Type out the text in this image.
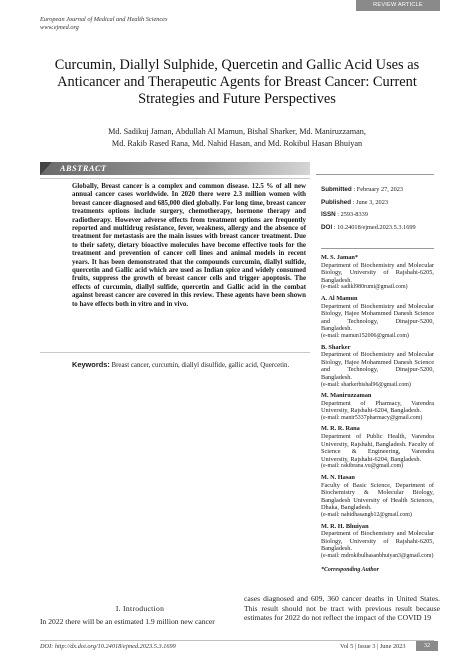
European Journal of Medical and Health Sciences
www.ejmed.org
REVIEW ARTICLE
Curcumin, Diallyl Sulphide, Quercetin and Gallic Acid Uses as Anticancer and Therapeutic Agents for Breast Cancer: Current Strategies and Future Perspectives
Md. Sadikuj Jaman, Abdullah Al Mamun, Bishal Sharker, Md. Maniruzzaman,
Md. Rakib Rased Rana, Md. Nahid Hasan, and Md. Rokibul Hasan Bhuiyan
ABSTRACT
Globally, Breast cancer is a complex and common disease. 12.5 % of all new annual cancer cases worldwide. In 2020 there were 2.3 million women with breast cancer diagnosed and 685,000 died globally. For long time, breast cancer treatments options include surgery, chemotherapy, hormone therapy and radiotherapy. However adverse effects from treatment options are frequently reported and multidrug resistance, fever, weakness, allergy and the absence of treatment for metastasis are the main issues with breast cancer treatment. Due to their safety, dietary bioactive molecules have become effective tools for the treatment and prevention of cancer cell lines and animal models in recent years. It has been demonstrated that the compounds curcumin, diallyl sulfide, quercetin and Gallic acid which are used as Indian spice and widely consumed fruits, suppress the growth of breast cancer cells and trigger apoptosis. The effects of curcumin, diallyl sulfide, quercetin and Gallic acid in the combat against breast cancer are covered in this review. These agents have been shown to have effects both in vitro and in vivo.
Keywords: Breast cancer, curcumin, diallyl disulfide, gallic acid, Quercetin.
Submitted : February 27, 2023
Published : June 3, 2023
ISSN : 2593-8339
DOI : 10.24018/ejmed.2023.5.3.1699
M. S. Jaman*
Department of Biochemistry and Molecular Biology, University of Rajshahi-6205, Bangladesh.
(e-mail: sadikl980rumi@gmail.com)
A. Al Mamun
Department of Biochemistry and Molecular Biology, Hajee Mohammed Danesh Science and Technology, Dinajpur-5200, Bangladesh.
(e-mail: mamun152006@gmail.com)
B. Sharker
Department of Biochemistry and Molecular Biology, Hajee Mohammed Danesh Science and Technology, Dinajpur-5200, Bangladesh.
(e-mail: sharkerbishal96@gmail.com)
M. Maniruzzaman
Department of Pharmacy, Varendra University, Rajshahi-6204, Bangladesh.
(e-mail: manir5337pharmacy@gmail.com)
M. R. R. Rana
Department of Public Health, Varendra University, Rajshahi, Bangladesh. Faculty of Science & Engineering, Varendra University, Rajshahi-6204, Bangladesh.
(e-mail: rakibrana.vu@gmail.com)
M. N. Hasan
Faculty of Basic Science, Department of Biochemistry & Molecular Biology, Bangladesh University of Health Sciences, Dhaka, Bangladesh.
(e-mail: nahidhasangb12@gmail.com)
M. R. H. Bhuiyan
Department of Biochemistry and Molecular Biology, University of Rajshahi-6205, Bangladesh.
(e-mail: mdrokibulhasanbhuiyan3@gmail.com)
*Corresponding Author
I. Introduction
In 2022 there will be an estimated 1.9 million new cancer
cases diagnosed and 609, 360 cancer deaths in United States. This result should not be tract with previous result because estimates for 2022 do not reflect the impact of the COVID 19
DOI: http://dx.doi.org/10.24018/ejmed.2023.5.3.1699	Vol 5 | Issue 3 | June 2023	32
